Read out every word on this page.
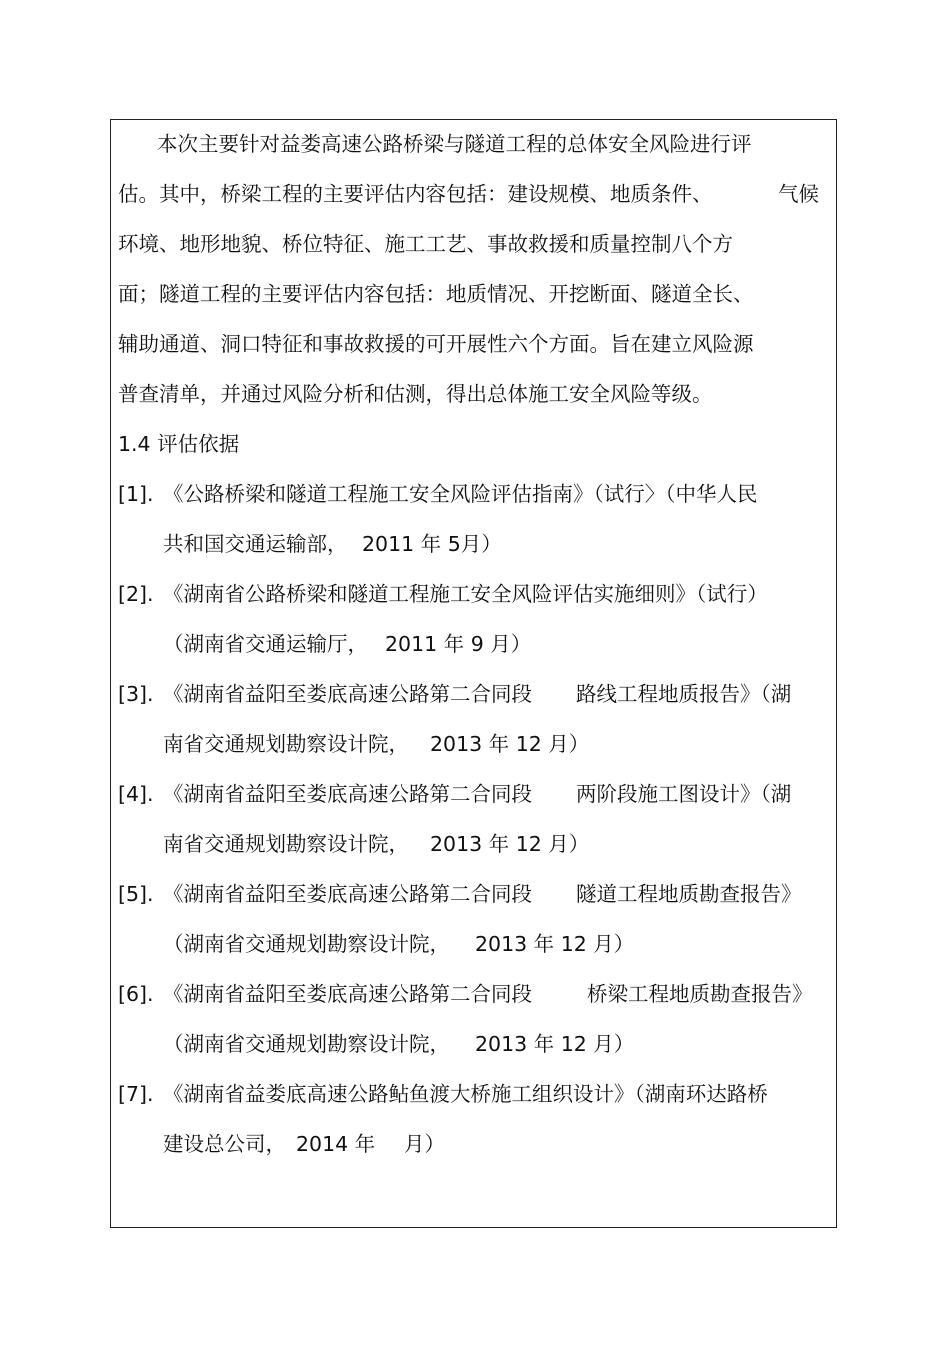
本次主要针对益娄高速公路桥梁与隧道工程的总体安全风险进行评
估。其中，桥梁工程的主要评估内容包括：建设规模、地质条件、	气候
环境、地形地貌、桥位特征、施工工艺、事故救援和质量控制八个方
面；隧道工程的主要评估内容包括：地质情况、开挖断面、隧道全长、
辅助通道、洞口特征和事故救援的可开展性六个方面。旨在建立风险源
普查清单，并通过风险分析和估测，得出总体施工安全风险等级。
1.4 评估依据
[1]. 《公路桥梁和隧道工程施工安全风险评估指南》（试行〉（中华人民
共和国交通运输部， 2011 年 5月）
[2]. 《湖南省公路桥梁和隧道工程施工安全风险评估实施细则》（试行）
（湖南省交通运输厅， 2011 年 9 月）
[3]. 《湖南省益阳至娄底高速公路第二合同段 路线工程地质报告》（湖
南省交通规划勘察设计院， 2013 年 12 月）
[4]. 《湖南省益阳至娄底高速公路第二合同段 两阶段施工图设计》（湖
南省交通规划勘察设计院， 2013 年 12 月）
[5]. 《湖南省益阳至娄底高速公路第二合同段 隧道工程地质勘查报告》
（湖南省交通规划勘察设计院， 2013 年 12 月）
[6]. 《湖南省益阳至娄底高速公路第二合同段	桥梁工程地质勘查报告》
（湖南省交通规划勘察设计院， 2013 年 12 月）
[7]. 《湖南省益娄底高速公路鲇鱼渡大桥施工组织设计》（湖南环达路桥
建设总公司， 2014 年 月）
